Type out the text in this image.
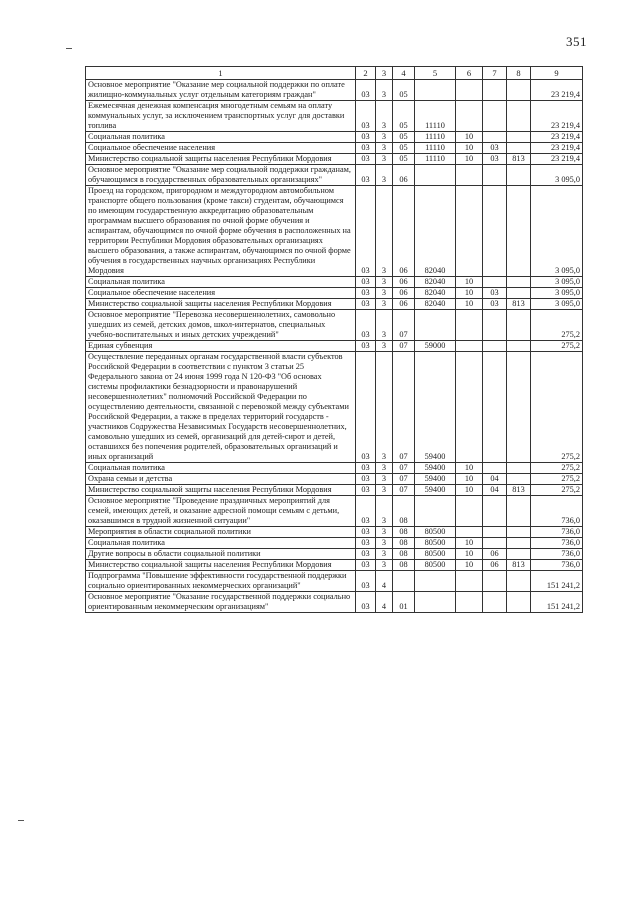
351
1	2	3	4	5	6	7	8	9

Основное мероприятие "Оказание мер социальной поддержки по оплате жилищно-коммунальных услуг отдельным категориям граждан"	03	3	05					23 219,4

Ежемесячная денежная компенсация многодетным семьям на оплату коммунальных услуг, за исключением транспортных услуг для доставки топлива	03	3	05	11110				23 219,4

Социальная политика	03	3	05	11110	10			23 219,4

Социальное обеспечение населения	03	3	05	11110	10	03		23 219,4

Министерство социальной защиты населения Республики Мордовия	03	3	05	11110	10	03	813	23 219,4

Основное мероприятие "Оказание мер социальной поддержки гражданам, обучающимся в государственных образовательных организациях"	03	3	06					3 095,0

Проезд на городском, пригородном и междугородном автомобильном транспорте общего пользования (кроме такси) студентам, обучающимся по имеющим государственную аккредитацию образовательным программам высшего образования по очной форме обучения и аспирантам, обучающимся по очной форме обучения в расположенных на территории Республики Мордовия образовательных организациях высшего образования, а также аспирантам, обучающимся по очной форме обучения в государственных научных организациях Республики Мордовия	03	3	06	82040				3 095,0

Социальная политика	03	3	06	82040	10			3 095,0

Социальное обеспечение населения	03	3	06	82040	10	03		3 095,0

Министерство социальной защиты населения Республики Мордовия	03	3	06	82040	10	03	813	3 095,0

Основное мероприятие "Перевозка несовершеннолетних, самовольно ушедших из семей, детских домов, школ-интернатов, специальных учебно-воспитательных и иных детских учреждений"	03	3	07					275,2

Единая субвенция	03	3	07	59000				275,2

Осуществление переданных органам государственной власти субъектов Российской Федерации в соответствии с пунктом 3 статьи 25 Федерального закона от 24 июня 1999 года N 120-ФЗ "Об основах системы профилактики безнадзорности и правонарушений несовершеннолетних" полномочий Российской Федерации по осуществлению деятельности, связанной с перевозкой между субъектами Российской Федерации, а также в пределах территорий государств - участников Содружества Независимых Государств несовершеннолетних, самовольно ушедших из семей, организаций для детей-сирот и детей, оставшихся без попечения родителей, образовательных организаций и иных организаций	03	3	07	59400				275,2

Социальная политика	03	3	07	59400	10			275,2

Охрана семьи и детства	03	3	07	59400	10	04		275,2

Министерство социальной защиты населения Республики Мордовия	03	3	07	59400	10	04	813	275,2

Основное мероприятие "Проведение праздничных мероприятий для семей, имеющих детей, и оказание адресной помощи семьям с детьми, оказавшимся в трудной жизненной ситуации"	03	3	08					736,0

Мероприятия в области социальной политики	03	3	08	80500				736,0

Социальная политика	03	3	08	80500	10			736,0

Другие вопросы в области социальной политики	03	3	08	80500	10	06		736,0

Министерство социальной защиты населения Республики Мордовия	03	3	08	80500	10	06	813	736,0

Подпрограмма "Повышение эффективности государственной поддержки социально ориентированных некоммерческих организаций"	03	4						151 241,2

Основное мероприятие "Оказание государственной поддержки социально ориентированным некоммерческим организациям"	03	4	01					151 241,2
